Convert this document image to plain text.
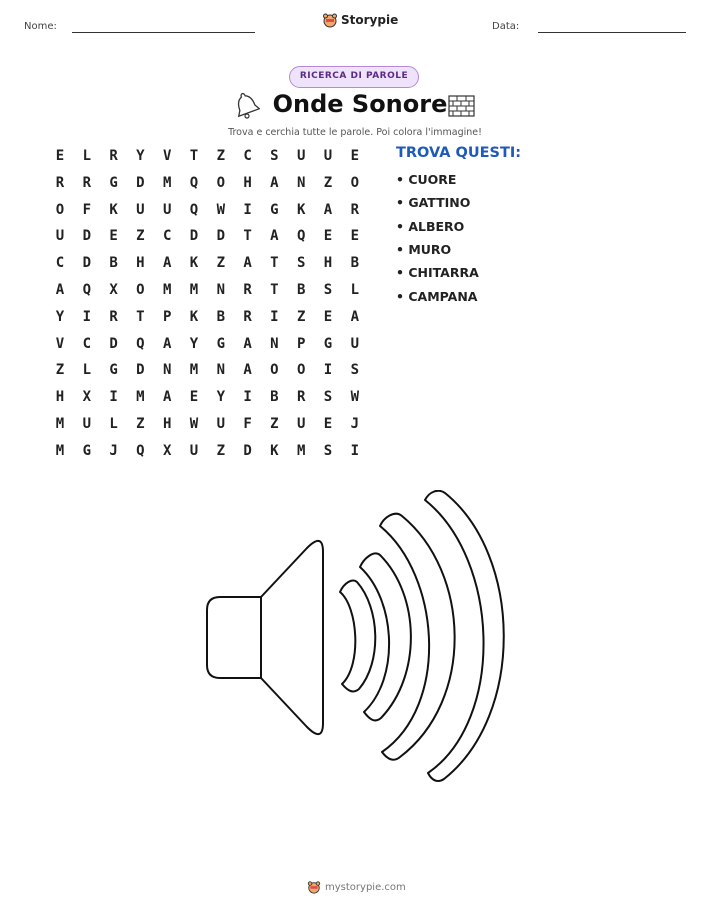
Nome:	Storypie	Data:
RICERCA DI PAROLE
Onde Sonore
Trova e cerchia tutte le parole. Poi colora l'immagine!
E	L	R	Y	V	T	Z	C	S	U	U	E
R	R	G	D	M	Q	O	H	A	N	Z	O
O	F	K	U	U	Q	W	I	G	K	A	R
U	D	E	Z	C	D	D	T	A	Q	E	E
C	D	B	H	A	K	Z	A	T	S	H	B
A	Q	X	O	M	M	N	R	T	B	S	L
Y	I	R	T	P	K	B	R	I	Z	E	A
V	C	D	Q	A	Y	G	A	N	P	G	U
Z	L	G	D	N	M	N	A	O	O	I	S
H	X	I	M	A	E	Y	I	B	R	S	W
M	U	L	Z	H	W	U	F	Z	U	E	J
M	G	J	Q	X	U	Z	D	K	M	S	I
TROVA QUESTI:
• CUORE
• GATTINO
• ALBERO
• MURO
• CHITARRA
• CAMPANA
mystorypie.com
